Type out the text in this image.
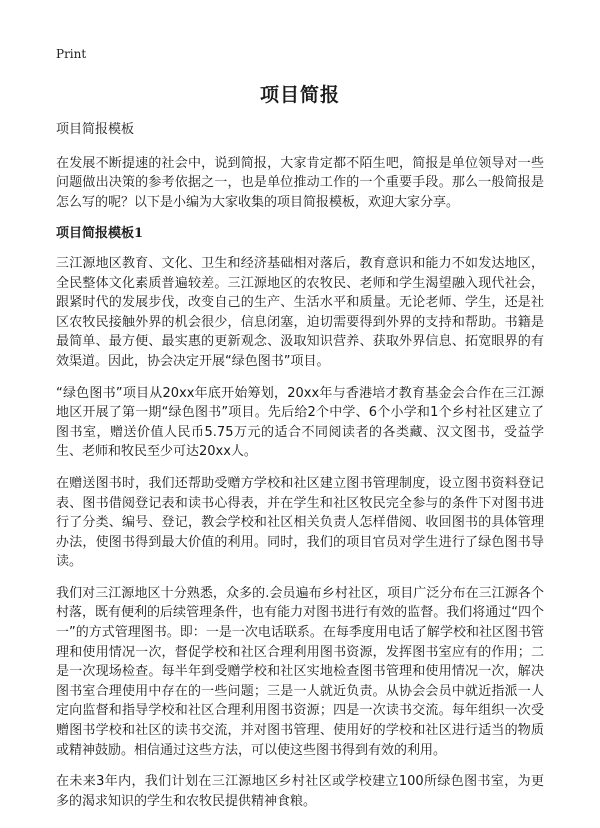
Print
项目简报

项目简报模板

在发展不断提速的社会中，说到简报，大家肯定都不陌生吧，简报是单位领导对一些问题做出决策的参考依据之一，也是单位推动工作的一个重要手段。那么一般简报是怎么写的呢？以下是小编为大家收集的项目简报模板，欢迎大家分享。

项目简报模板1

三江源地区教育、文化、卫生和经济基础相对落后，教育意识和能力不如发达地区，全民整体文化素质普遍较差。三江源地区的农牧民、老师和学生渴望融入现代社会，跟紧时代的发展步伐，改变自己的生产、生活水平和质量。无论老师、学生，还是社区农牧民接触外界的机会很少，信息闭塞，迫切需要得到外界的支持和帮助。书籍是最简单、最方便、最实惠的更新观念、汲取知识营养、获取外界信息、拓宽眼界的有效渠道。因此，协会决定开展“绿色图书”项目。

“绿色图书”项目从20xx年底开始筹划，20xx年与香港培才教育基金会合作在三江源地区开展了第一期“绿色图书”项目。先后给2个中学、6个小学和1个乡村社区建立了图书室，赠送价值人民币5.75万元的适合不同阅读者的各类藏、汉文图书，受益学生、老师和牧民至少可达20xx人。

在赠送图书时，我们还帮助受赠方学校和社区建立图书管理制度，设立图书资料登记表、图书借阅登记表和读书心得表，并在学生和社区牧民完全参与的条件下对图书进行了分类、编号、登记，教会学校和社区相关负责人怎样借阅、收回图书的具体管理办法，使图书得到最大价值的利用。同时，我们的项目官员对学生进行了绿色图书导读。

我们对三江源地区十分熟悉，众多的.会员遍布乡村社区，项目广泛分布在三江源各个村落，既有便利的后续管理条件，也有能力对图书进行有效的监督。我们将通过“四个一”的方式管理图书。即：一是一次电话联系。在每季度用电话了解学校和社区图书管理和使用情况一次，督促学校和社区合理利用图书资源，发挥图书室应有的作用；二是一次现场检查。每半年到受赠学校和社区实地检查图书管理和使用情况一次，解决图书室合理使用中存在的一些问题；三是一人就近负责。从协会会员中就近指派一人定向监督和指导学校和社区合理利用图书资源；四是一次读书交流。每年组织一次受赠图书学校和社区的读书交流，并对图书管理、使用好的学校和社区进行适当的物质或精神鼓励。相信通过这些方法，可以使这些图书得到有效的利用。

在未来3年内，我们计划在三江源地区乡村社区或学校建立100所绿色图书室，为更多的渴求知识的学生和农牧民提供精神食粮。
